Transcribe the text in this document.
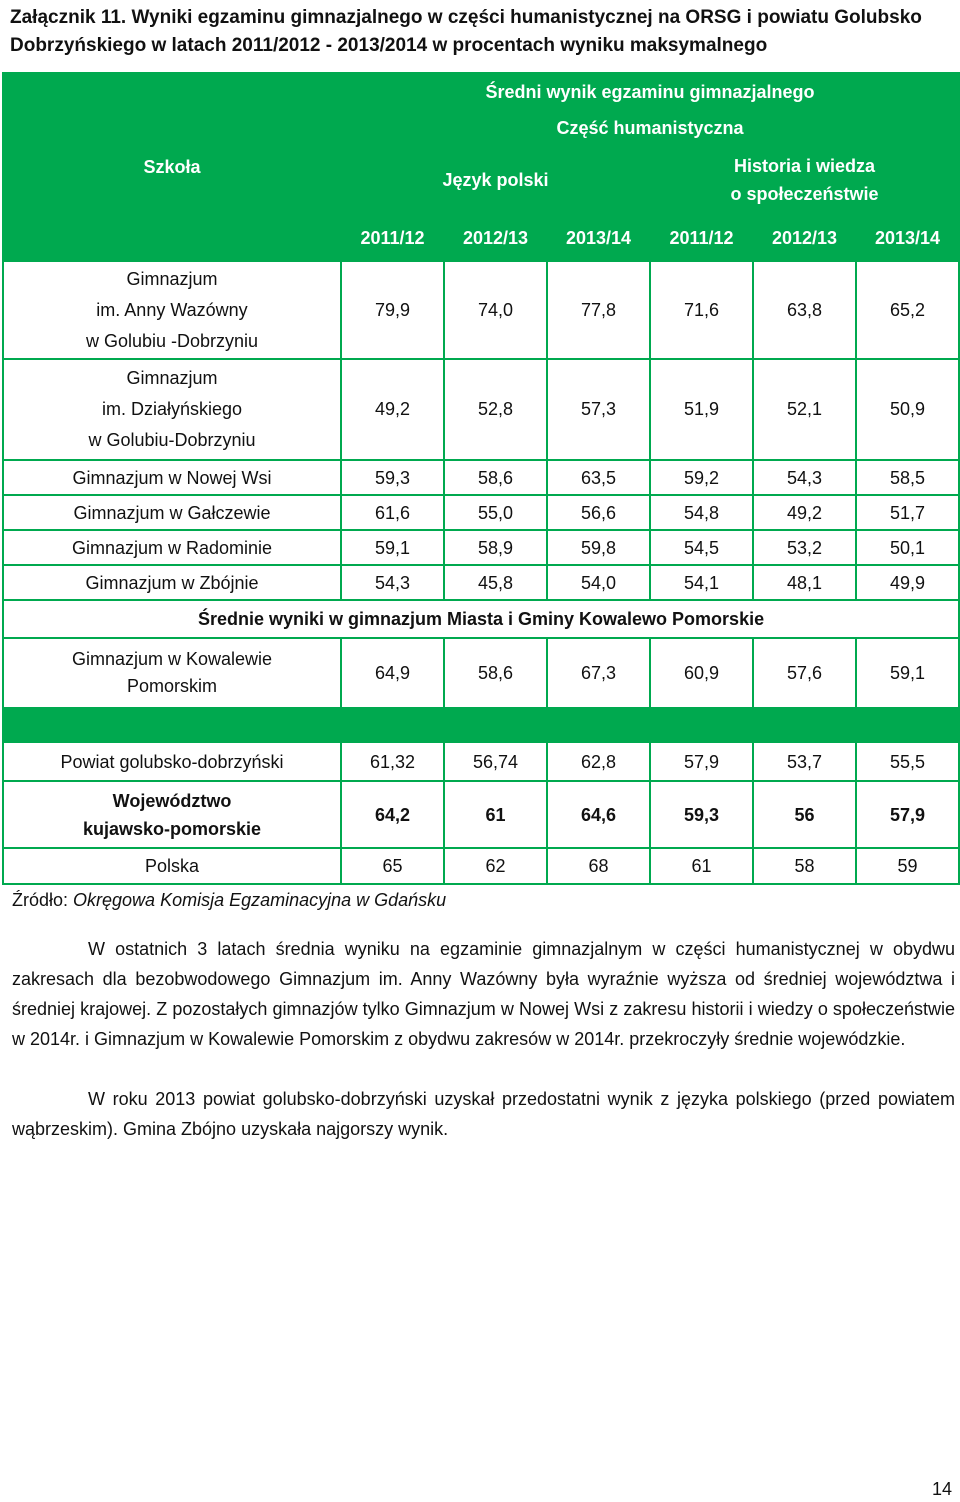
Załącznik 11. Wyniki egzaminu gimnazjalnego w części humanistycznej na ORSG i powiatu Golubsko Dobrzyńskiego w latach 2011/2012 - 2013/2014 w procentach wyniku maksymalnego
Szkoła	Średni wynik egzaminu gimnazjalnego					
	Część humanistyczna					
	Język polski			Historia i wiedza
o społeczeństwie		

	2011/12	2012/13	2013/14	2011/12	2012/13	2013/14

Gimnazjum
im. Anny Wazówny
w Golubiu -Dobrzyniu	79,9	74,0	77,8	71,6	63,8	65,2

Gimnazjum
im. Działyńskiego
w Golubiu-Dobrzyniu	49,2	52,8	57,3	51,9	52,1	50,9

Gimnazjum w Nowej Wsi	59,3	58,6	63,5	59,2	54,3	58,5

Gimnazjum w Gałczewie	61,6	55,0	56,6	54,8	49,2	51,7

Gimnazjum w Radominie	59,1	58,9	59,8	54,5	53,2	50,1

Gimnazjum w Zbójnie	54,3	45,8	54,0	54,1	48,1	49,9
Średnie wyniki w gimnazjum Miasta i Gminy Kowalewo Pomorskie						

Gimnazjum w Kowalewie
Pomorskim	64,9	58,6	67,3	60,9	57,6	59,1

Powiat golubsko-dobrzyński	61,32	56,74	62,8	57,9	53,7	55,5

Województwo
kujawsko-pomorskie	64,2	61	64,6	59,3	56	57,9
Polska	65	62	68	61	58	59
Źródło: Okręgowa Komisja Egzaminacyjna w Gdańsku

W ostatnich 3 latach średnia wyniku na egzaminie gimnazjalnym w części humanistycznej w obydwu zakresach dla bezobwodowego Gimnazjum im. Anny Wazówny była wyraźnie wyższa od średniej województwa i średniej krajowej. Z pozostałych gimnazjów tylko Gimnazjum w Nowej Wsi z zakresu historii i wiedzy o społeczeństwie w 2014r. i Gimnazjum w Kowalewie Pomorskim z obydwu zakresów w 2014r. przekroczyły średnie wojewódzkie.

W roku 2013 powiat golubsko-dobrzyński uzyskał przedostatni wynik z języka polskiego (przed powiatem wąbrzeskim). Gmina Zbójno uzyskała najgorszy wynik.

14
